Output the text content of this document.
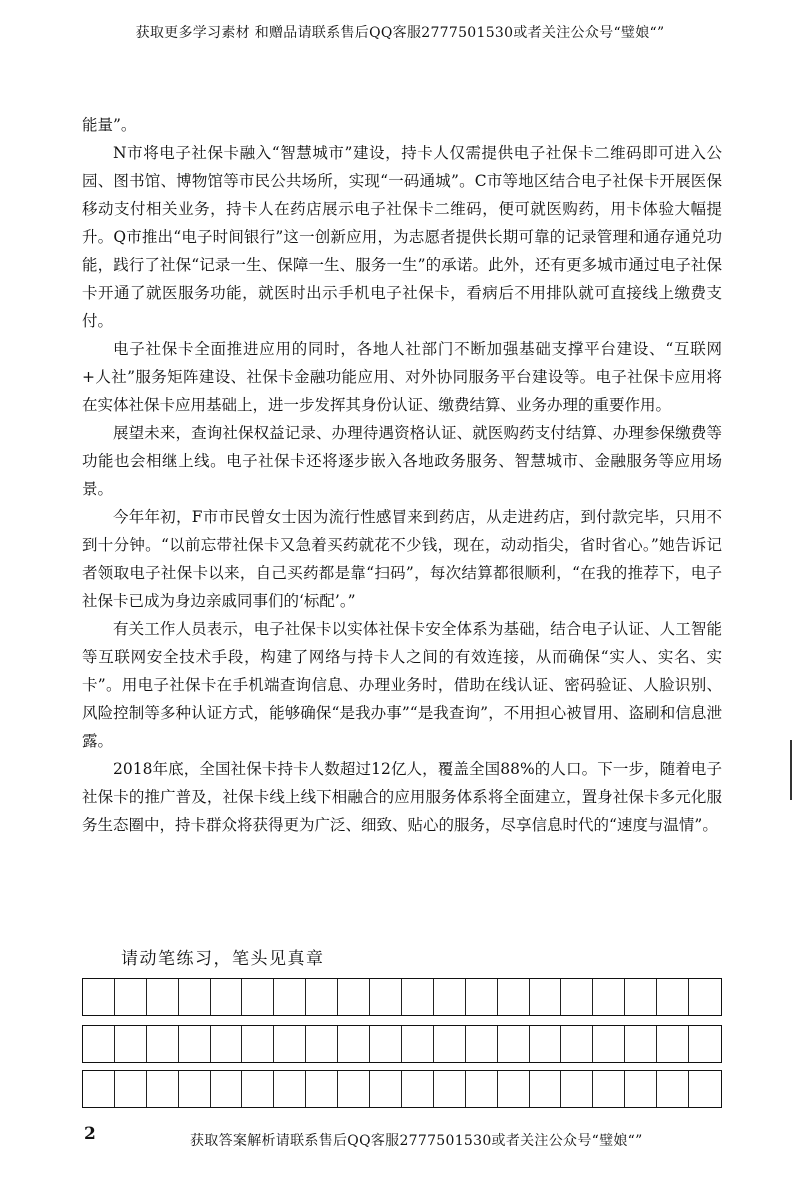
获取更多学习素材 和赠品请联系售后QQ客服2777501530或者关注公众号“璧娘“”

能量”。

N市将电子社保卡融入“智慧城市”建设，持卡人仅需提供电子社保卡二维码即可进入公园、图书馆、博物馆等市民公共场所，实现“一码通城”。C市等地区结合电子社保卡开展医保移动支付相关业务，持卡人在药店展示电子社保卡二维码，便可就医购药，用卡体验大幅提升。Q市推出“电子时间银行”这一创新应用，为志愿者提供长期可靠的记录管理和通存通兑功能，践行了社保“记录一生、保障一生、服务一生”的承诺。此外，还有更多城市通过电子社保卡开通了就医服务功能，就医时出示手机电子社保卡，看病后不用排队就可直接线上缴费支付。

电子社保卡全面推进应用的同时，各地人社部门不断加强基础支撑平台建设、“互联网+人社”服务矩阵建设、社保卡金融功能应用、对外协同服务平台建设等。电子社保卡应用将在实体社保卡应用基础上，进一步发挥其身份认证、缴费结算、业务办理的重要作用。

展望未来，查询社保权益记录、办理待遇资格认证、就医购药支付结算、办理参保缴费等功能也会相继上线。电子社保卡还将逐步嵌入各地政务服务、智慧城市、金融服务等应用场景。

今年年初，F市市民曾女士因为流行性感冒来到药店，从走进药店，到付款完毕，只用不到十分钟。“以前忘带社保卡又急着买药就花不少钱，现在，动动指尖，省时省心。”她告诉记者领取电子社保卡以来，自己买药都是靠“扫码”，每次结算都很顺利，“在我的推荐下，电子社保卡已成为身边亲戚同事们的‘标配’。”

有关工作人员表示，电子社保卡以实体社保卡安全体系为基础，结合电子认证、人工智能等互联网安全技术手段，构建了网络与持卡人之间的有效连接，从而确保“实人、实名、实卡”。用电子社保卡在手机端查询信息、办理业务时，借助在线认证、密码验证、人脸识别、风险控制等多种认证方式，能够确保“是我办事”“是我查询”，不用担心被冒用、盗刷和信息泄露。

2018年底，全国社保卡持卡人数超过12亿人，覆盖全国88%的人口。下一步，随着电子社保卡的推广普及，社保卡线上线下相融合的应用服务体系将全面建立，置身社保卡多元化服务生态圈中，持卡群众将获得更为广泛、细致、贴心的服务，尽享信息时代的“速度与温情”。

请动笔练习，笔头见真章
2	获取答案解析请联系售后QQ客服2777501530或者关注公众号“璧娘“”
